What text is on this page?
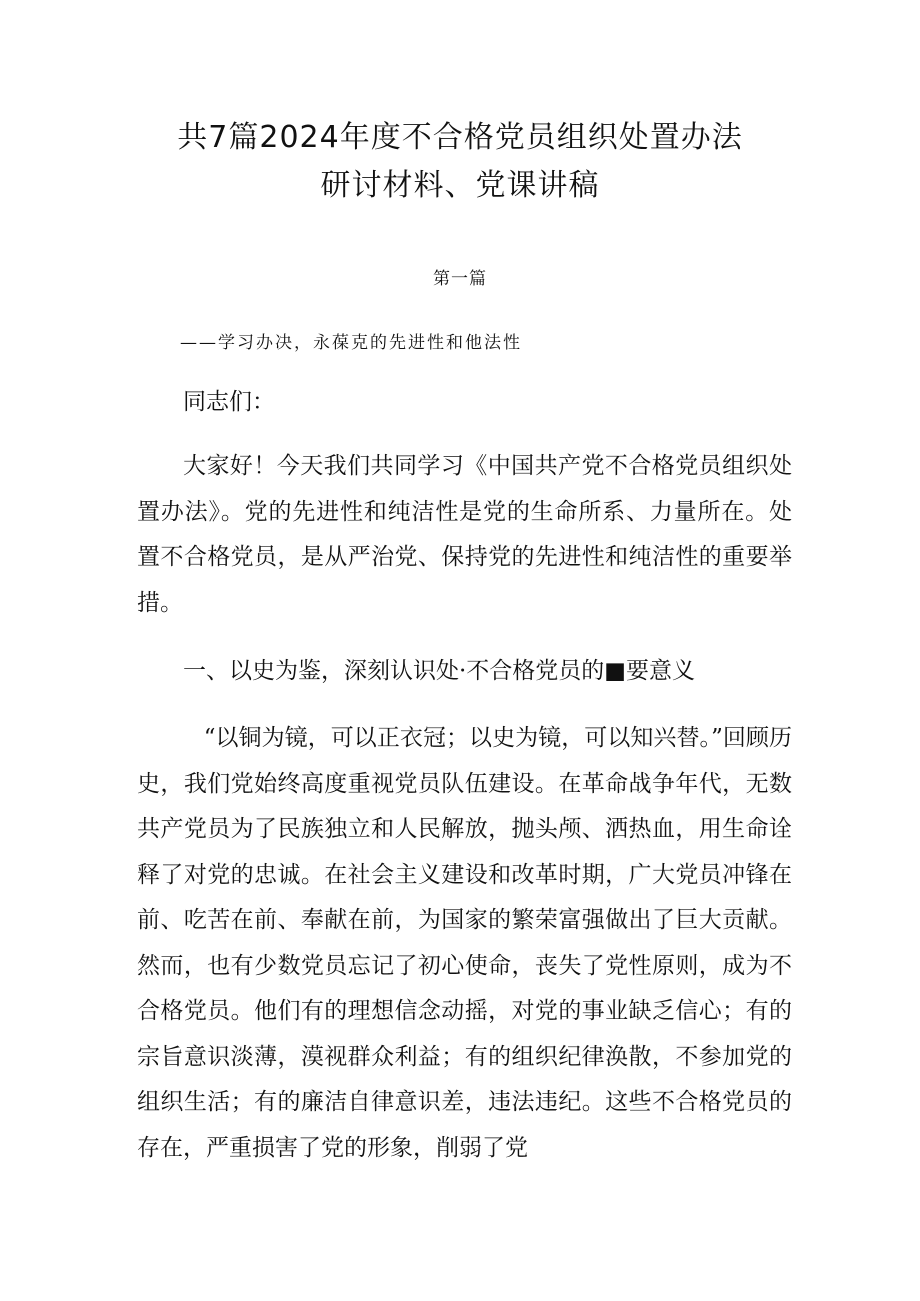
共7篇2024年度不合格党员组织处置办法
研讨材料、党课讲稿
第一篇
——学习办决，永葆克的先进性和他法性
同志们：
大家好！今天我们共同学习《中国共产党不合格党员组织处置办法》。党的先进性和纯洁性是党的生命所系、力量所在。处置不合格党员，是从严治党、保持党的先进性和纯洁性的重要举措。
一、以史为鉴，深刻认识处·不合格党员的■要意义
“以铜为镜，可以正衣冠；以史为镜，可以知兴替。”回顾历史，我们党始终高度重视党员队伍建设。在革命战争年代，无数共产党员为了民族独立和人民解放，抛头颅、洒热血，用生命诠释了对党的忠诚。在社会主义建设和改革时期，广大党员冲锋在前、吃苦在前、奉献在前，为国家的繁荣富强做出了巨大贡献。然而，也有少数党员忘记了初心使命，丧失了党性原则，成为不合格党员。他们有的理想信念动摇，对党的事业缺乏信心；有的宗旨意识淡薄，漠视群众利益；有的组织纪律涣散，不参加党的组织生活；有的廉洁自律意识差，违法违纪。这些不合格党员的存在，严重损害了党的形象，削弱了党
